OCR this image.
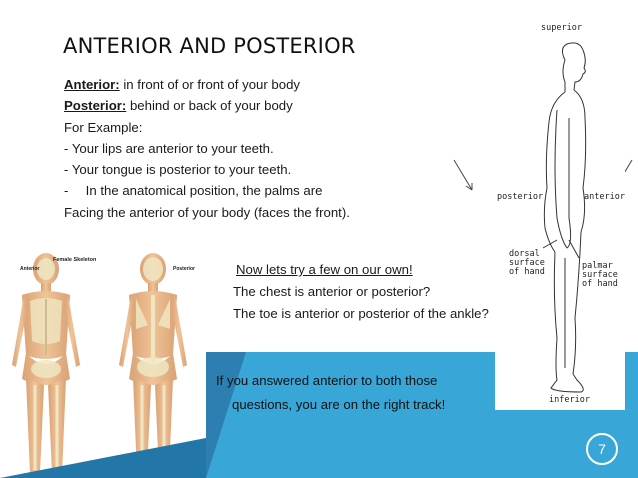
ANTERIOR AND POSTERIOR
Anterior: in front of or front of your body
Posterior: behind or back of your body
For Example:
- Your lips are anterior to your teeth.
- Your tongue is posterior to your teeth.
- In the anatomical position, the palms are
Facing the anterior of your body (faces the front).
Female Skeleton
Anterior	Posterior	Now lets try a few on our own!
The chest is anterior or posterior?
The toe is anterior or posterior of the ankle?
If you answered anterior to both those
questions, you are on the right track!
superior
posterior	anterior
dorsal
surface
of hand
palmar
surface
of hand
inferior
7
